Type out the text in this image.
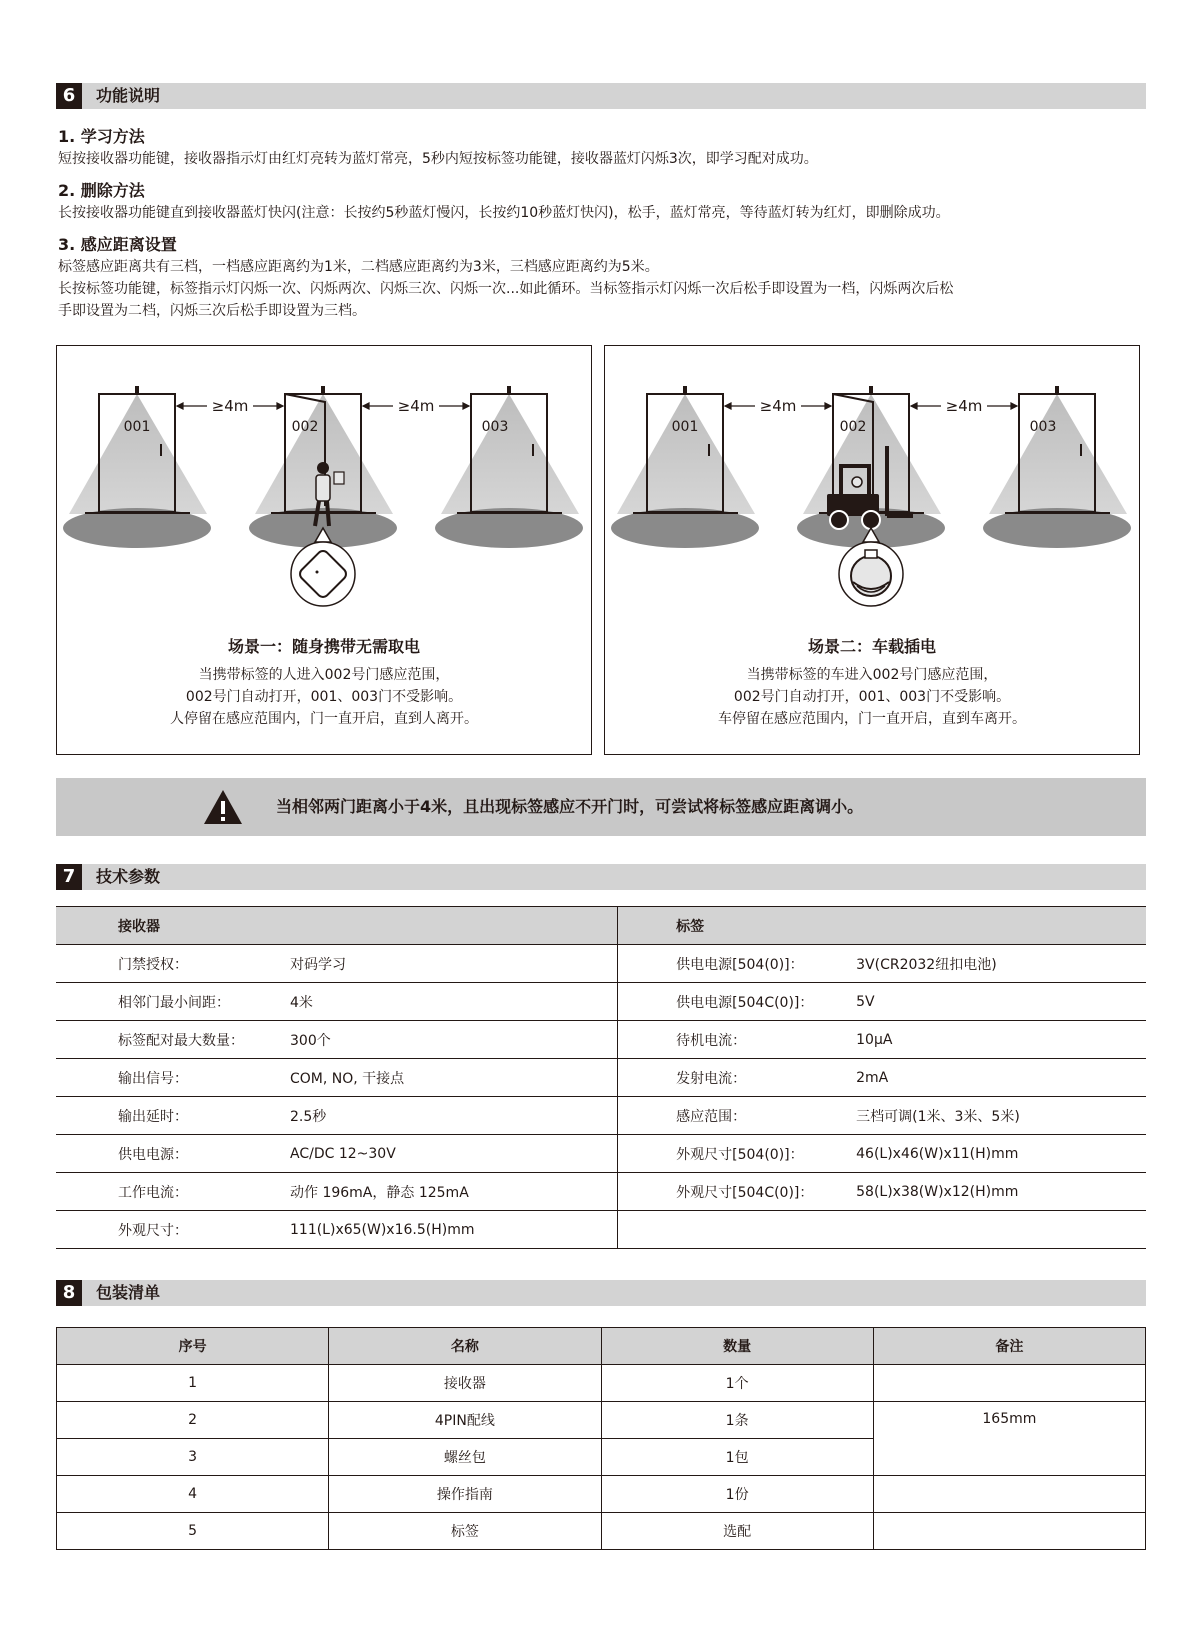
6	功能说明
1. 学习方法
短按接收器功能键，接收器指示灯由红灯亮转为蓝灯常亮，5秒内短按标签功能键，接收器蓝灯闪烁3次，即学习配对成功。
2. 删除方法
长按接收器功能键直到接收器蓝灯快闪(注意：长按约5秒蓝灯慢闪，长按约10秒蓝灯快闪)，松手，蓝灯常亮，等待蓝灯转为红灯，即删除成功。
3. 感应距离设置
标签感应距离共有三档，一档感应距离约为1米，二档感应距离约为3米，三档感应距离约为5米。
长按标签功能键，标签指示灯闪烁一次、闪烁两次、闪烁三次、闪烁一次...如此循环。当标签指示灯闪烁一次后松手即设置为一档，闪烁两次后松
手即设置为二档，闪烁三次后松手即设置为三档。
001	002	003
≥4m	≥4m
场景一：随身携带无需取电
当携带标签的人进入002号门感应范围，
002号门自动打开，001、003门不受影响。
人停留在感应范围内，门一直开启，直到人离开。
001	002	003
≥4m	≥4m
场景二：车载插电
当携带标签的车进入002号门感应范围，
002号门自动打开，001、003门不受影响。
车停留在感应范围内，门一直开启，直到车离开。
当相邻两门距离小于4米，且出现标签感应不开门时，可尝试将标签感应距离调小。
7	技术参数
接收器		标签	
门禁授权：	对码学习	供电电源[504(0)]：	3V(CR2032纽扣电池)
相邻门最小间距：	4米	供电电源[504C(0)]：	5V
标签配对最大数量：	300个	待机电流：	10μA
输出信号：	COM, NO, 干接点	发射电流：	2mA
输出延时：	2.5秒	感应范围：	三档可调(1米、3米、5米)
供电电源：	AC/DC 12~30V	外观尺寸[504(0)]：	46(L)x46(W)x11(H)mm
工作电流：	动作 196mA，静态 125mA	外观尺寸[504C(0)]：	58(L)x38(W)x12(H)mm
外观尺寸：	111(L)x65(W)x16.5(H)mm		
8	包装清单
序号	名称	数量	备注
1	接收器	1个	
2	4PIN配线	1条	165mm
3	螺丝包	1包	
4	操作指南	1份	
5	标签	选配	
